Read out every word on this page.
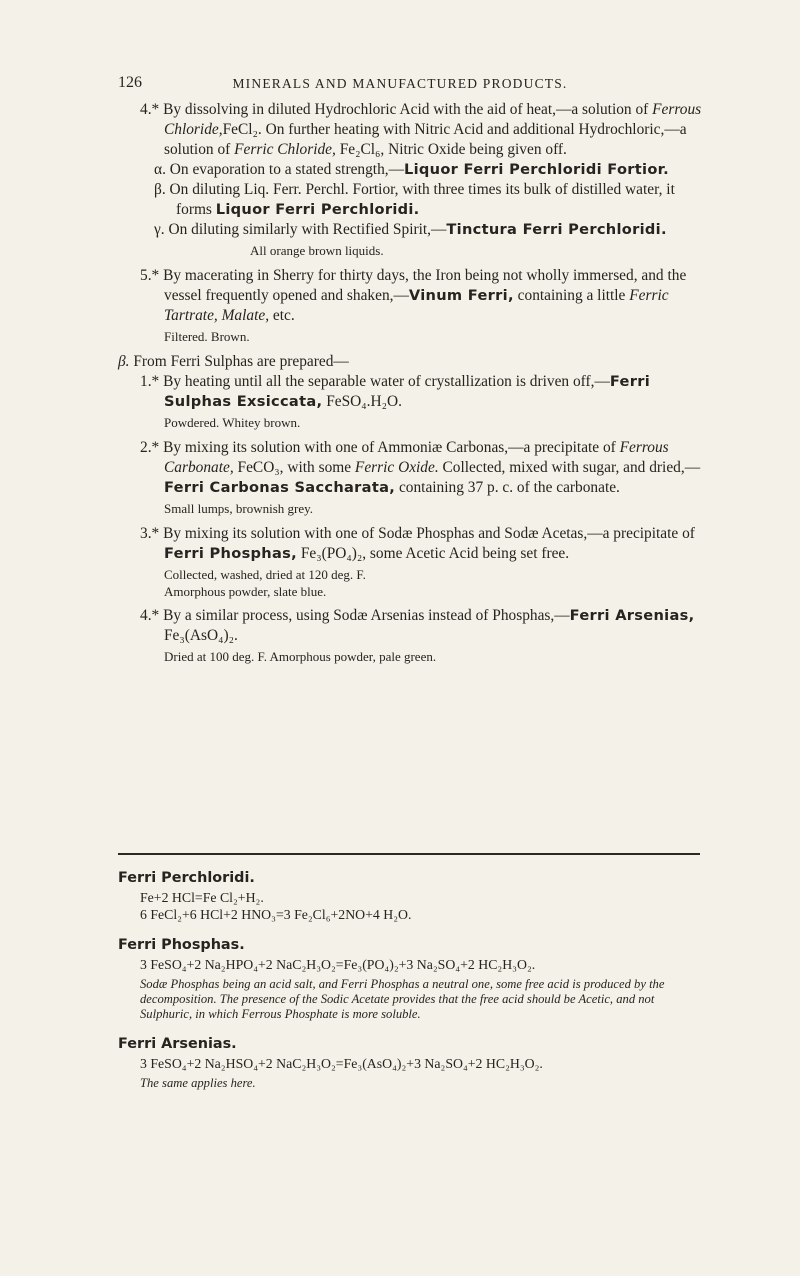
126	MINERALS AND MANUFACTURED PRODUCTS.

4.* By dissolving in diluted Hydrochloric Acid with the aid of heat,—a solution of Ferrous Chloride,FeCl₂. On further heating with Nitric Acid and additional Hydrochloric,—a solution of Ferric Chloride, Fe₂Cl₆, Nitric Oxide being given off.

α. On evaporation to a stated strength,—Liquor Ferri Perchloridi Fortior.

β. On diluting Liq. Ferr. Perchl. Fortior, with three times its bulk of distilled water, it forms Liquor Ferri Perchloridi.

γ. On diluting similarly with Rectified Spirit,—Tinctura Ferri Perchloridi.

All orange brown liquids.

5.* By macerating in Sherry for thirty days, the Iron being not wholly immersed, and the vessel frequently opened and shaken,—Vinum Ferri, containing a little Ferric Tartrate, Malate, etc.

Filtered. Brown.

β. From Ferri Sulphas are prepared—

1.* By heating until all the separable water of crystallization is driven off,—Ferri Sulphas Exsiccata, FeSO₄.H₂O.

Powdered. Whitey brown.

2.* By mixing its solution with one of Ammoniæ Carbonas,—a precipitate of Ferrous Carbonate, FeCO₃, with some Ferric Oxide. Collected, mixed with sugar, and dried,—Ferri Carbonas Saccharata, containing 37 p. c. of the carbonate.

Small lumps, brownish grey.

3.* By mixing its solution with one of Sodæ Phosphas and Sodæ Acetas,—a precipitate of Ferri Phosphas, Fe₃(PO₄)₂, some Acetic Acid being set free.

Collected, washed, dried at 120 deg. F.

Amorphous powder, slate blue.

4.* By a similar process, using Sodæ Arsenias instead of Phosphas,—Ferri Arsenias, Fe₃(AsO₄)₂.

Dried at 100 deg. F. Amorphous powder, pale green.

Ferri Perchloridi.

Fe+2 HCl=Fe Cl₂+H₂.

6 FeCl₂+6 HCl+2 HNO₃=3 Fe₂Cl₆+2NO+4 H₂O.

Ferri Phosphas.

3 FeSO₄+2 Na₂HPO₄+2 NaC₂H₃O₂=Fe₃(PO₄)₂+3 Na₂SO₄+2 HC₂H₃O₂.

Sodæ Phosphas being an acid salt, and Ferri Phosphas a neutral one, some free acid is produced by the decomposition. The presence of the Sodic Acetate provides that the free acid should be Acetic, and not Sulphuric, in which Ferrous Phosphate is more soluble.

Ferri Arsenias.

3 FeSO₄+2 Na₂HSO₄+2 NaC₂H₃O₂=Fe₃(AsO₄)₂+3 Na₂SO₄+2 HC₂H₃O₂.

The same applies here.
